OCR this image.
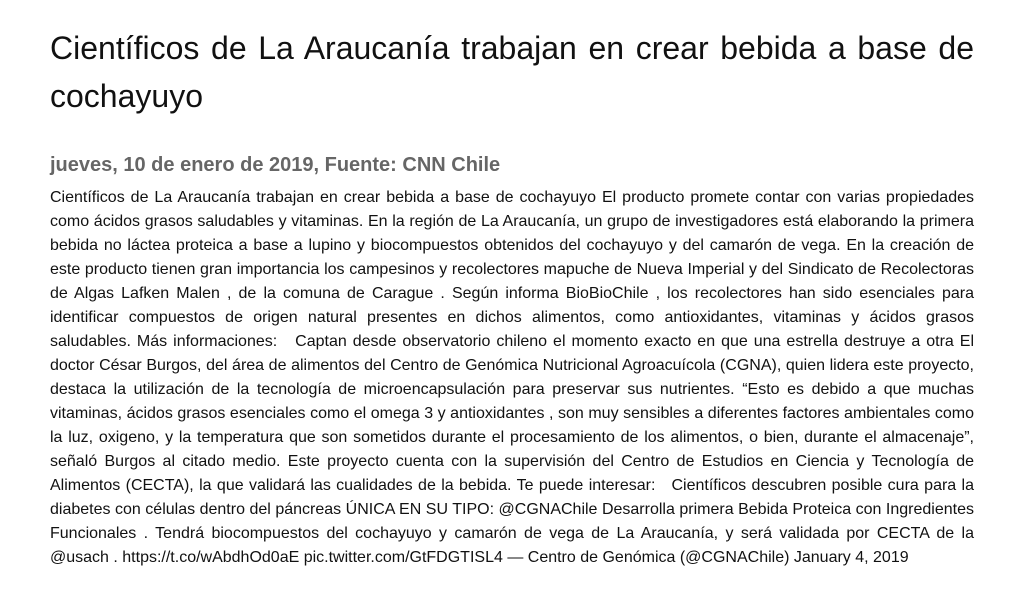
Científicos de La Araucanía trabajan en crear bebida a base de cochayuyo
jueves, 10 de enero de 2019, Fuente: CNN Chile

Científicos de La Araucanía trabajan en crear bebida a base de cochayuyo El producto promete contar con varias propiedades como ácidos grasos saludables y vitaminas. En la región de La Araucanía, un grupo de investigadores está elaborando la primera bebida no láctea proteica a base a lupino y biocompuestos obtenidos del cochayuyo y del camarón de vega. En la creación de este producto tienen gran importancia los campesinos y recolectores mapuche de Nueva Imperial y del Sindicato de Recolectoras de Algas Lafken Malen , de la comuna de Carague . Según informa BioBioChile , los recolectores han sido esenciales para identificar compuestos de origen natural presentes en dichos alimentos, como antioxidantes, vitaminas y ácidos grasos saludables. Más informaciones: Captan desde observatorio chileno el momento exacto en que una estrella destruye a otra El doctor César Burgos, del área de alimentos del Centro de Genómica Nutricional Agroacuícola (CGNA), quien lidera este proyecto, destaca la utilización de la tecnología de microencapsulación para preservar sus nutrientes. “Esto es debido a que muchas vitaminas, ácidos grasos esenciales como el omega 3 y antioxidantes , son muy sensibles a diferentes factores ambientales como la luz, oxigeno, y la temperatura que son sometidos durante el procesamiento de los alimentos, o bien, durante el almacenaje”, señaló Burgos al citado medio. Este proyecto cuenta con la supervisión del Centro de Estudios en Ciencia y Tecnología de Alimentos (CECTA), la que validará las cualidades de la bebida. Te puede interesar: Científicos descubren posible cura para la diabetes con células dentro del páncreas ÚNICA EN SU TIPO: @CGNAChile Desarrolla primera Bebida Proteica con Ingredientes Funcionales . Tendrá biocompuestos del cochayuyo y camarón de vega de La Araucanía, y será validada por CECTA de la @usach . https://t.co/wAbdhOd0aE pic.twitter.com/GtFDGTISL4 — Centro de Genómica (@CGNAChile) January 4, 2019
